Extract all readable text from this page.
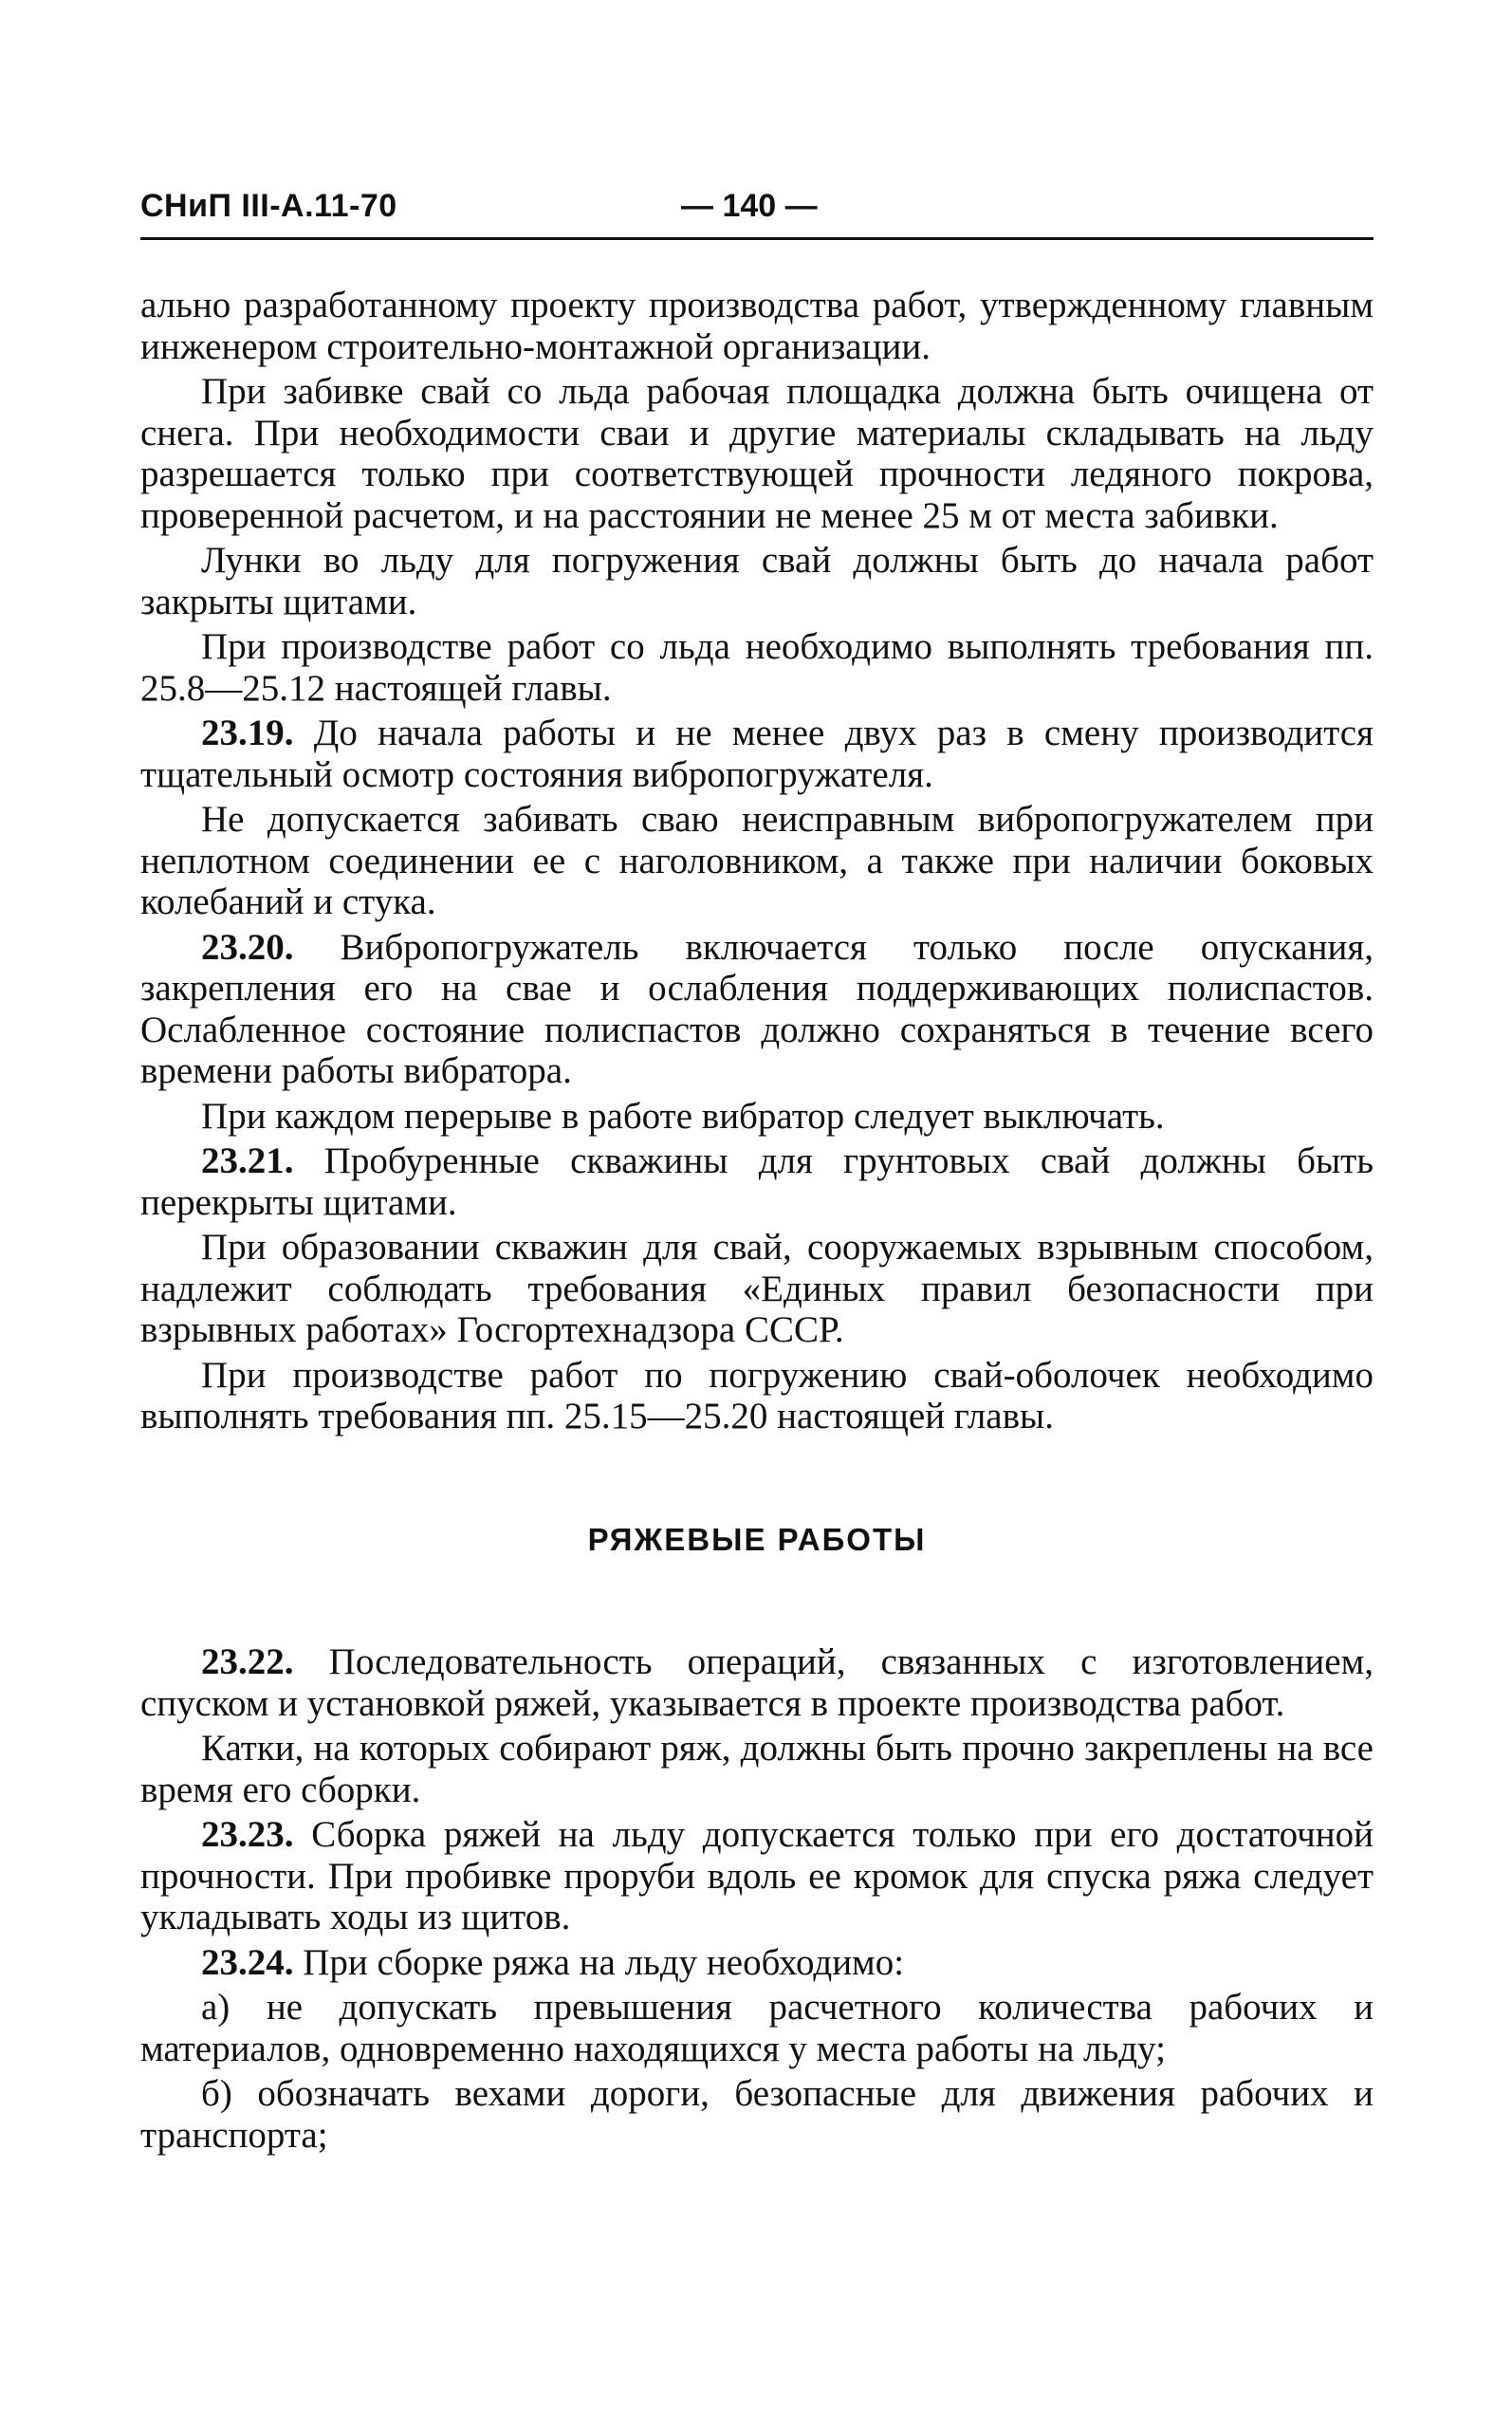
СНиП III-А.11-70	— 140 —

ально разработанному проекту производства работ, утвержденному главным инженером строительно-монтажной организации.

При забивке свай со льда рабочая площадка должна быть очищена от снега. При необходимости сваи и другие материалы складывать на льду разрешается только при соответствующей прочности ледяного покрова, проверенной расчетом, и на расстоянии не менее 25 м от места забивки.

Лунки во льду для погружения свай должны быть до начала работ закрыты щитами.

При производстве работ со льда необходимо выполнять требования пп. 25.8—25.12 настоящей главы.

23.19. До начала работы и не менее двух раз в смену производится тщательный осмотр состояния вибропогружателя.

Не допускается забивать сваю неисправным вибропогружателем при неплотном соединении ее с наголовником, а также при наличии боковых колебаний и стука.

23.20. Вибропогружатель включается только после опускания, закрепления его на свае и ослабления поддерживающих полиспастов. Ослабленное состояние полиспастов должно сохраняться в течение всего времени работы вибратора.

При каждом перерыве в работе вибратор следует выключать.

23.21. Пробуренные скважины для грунтовых свай должны быть перекрыты щитами.

При образовании скважин для свай, сооружаемых взрывным способом, надлежит соблюдать требования «Единых правил безопасности при взрывных работах» Госгортехнадзора СССР.

При производстве работ по погружению свай-оболочек необходимо выполнять требования пп. 25.15—25.20 настоящей главы.

РЯЖЕВЫЕ РАБОТЫ

23.22. Последовательность операций, связанных с изготовлением, спуском и установкой ряжей, указывается в проекте производства работ.

Катки, на которых собирают ряж, должны быть прочно закреплены на все время его сборки.

23.23. Сборка ряжей на льду допускается только при его достаточной прочности. При пробивке проруби вдоль ее кромок для спуска ряжа следует укладывать ходы из щитов.

23.24. При сборке ряжа на льду необходимо:

а) не допускать превышения расчетного количества рабочих и материалов, одновременно находящихся у места работы на льду;

б) обозначать вехами дороги, безопасные для движения рабочих и транспорта;
